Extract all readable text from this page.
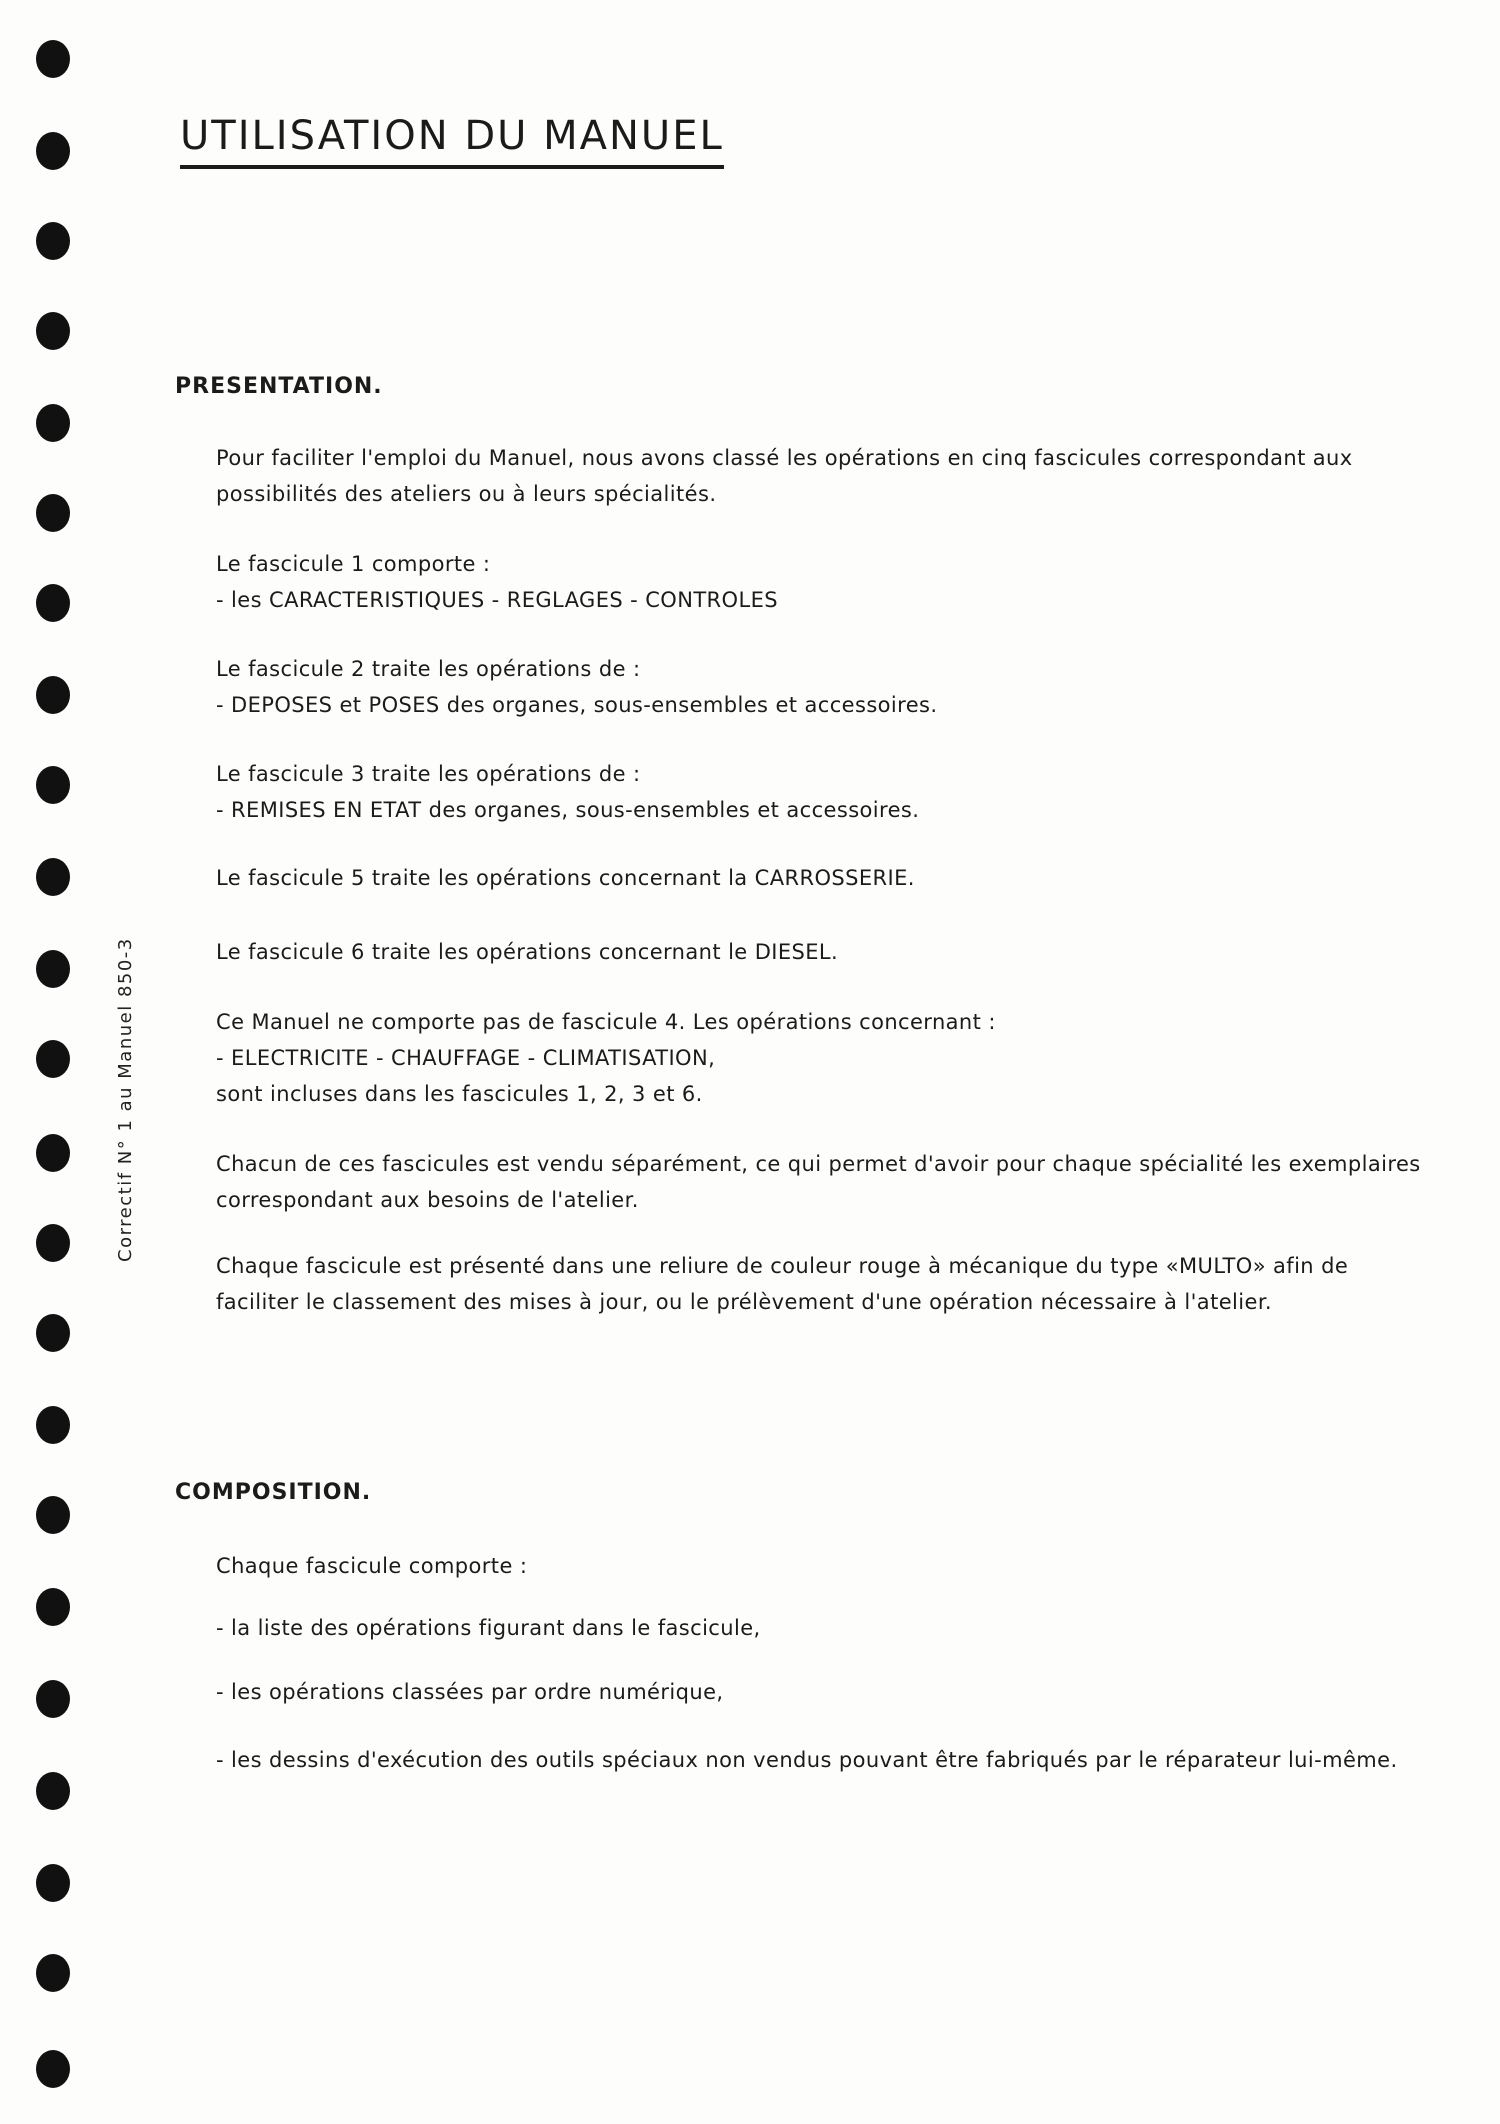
Correctif N° 1 au Manuel 850-3
UTILISATION DU MANUEL
PRESENTATION.
Pour faciliter l'emploi du Manuel, nous avons classé les opérations en cinq fascicules correspondant aux
possibilités des ateliers ou à leurs spécialités.
Le fascicule 1 comporte :
- les CARACTERISTIQUES - REGLAGES - CONTROLES
Le fascicule 2 traite les opérations de :
- DEPOSES et POSES des organes, sous-ensembles et accessoires.
Le fascicule 3 traite les opérations de :
- REMISES EN ETAT des organes, sous-ensembles et accessoires.
Le fascicule 5 traite les opérations concernant la CARROSSERIE.
Le fascicule 6 traite les opérations concernant le DIESEL.
Ce Manuel ne comporte pas de fascicule 4. Les opérations concernant :
- ELECTRICITE - CHAUFFAGE - CLIMATISATION,
sont incluses dans les fascicules 1, 2, 3 et 6.
Chacun de ces fascicules est vendu séparément, ce qui permet d'avoir pour chaque spécialité les exemplaires
correspondant aux besoins de l'atelier.
Chaque fascicule est présenté dans une reliure de couleur rouge à mécanique du type «MULTO» afin de
faciliter le classement des mises à jour, ou le prélèvement d'une opération nécessaire à l'atelier.
COMPOSITION.
Chaque fascicule comporte :
- la liste des opérations figurant dans le fascicule,
- les opérations classées par ordre numérique,
- les dessins d'exécution des outils spéciaux non vendus pouvant être fabriqués par le réparateur lui-même.
